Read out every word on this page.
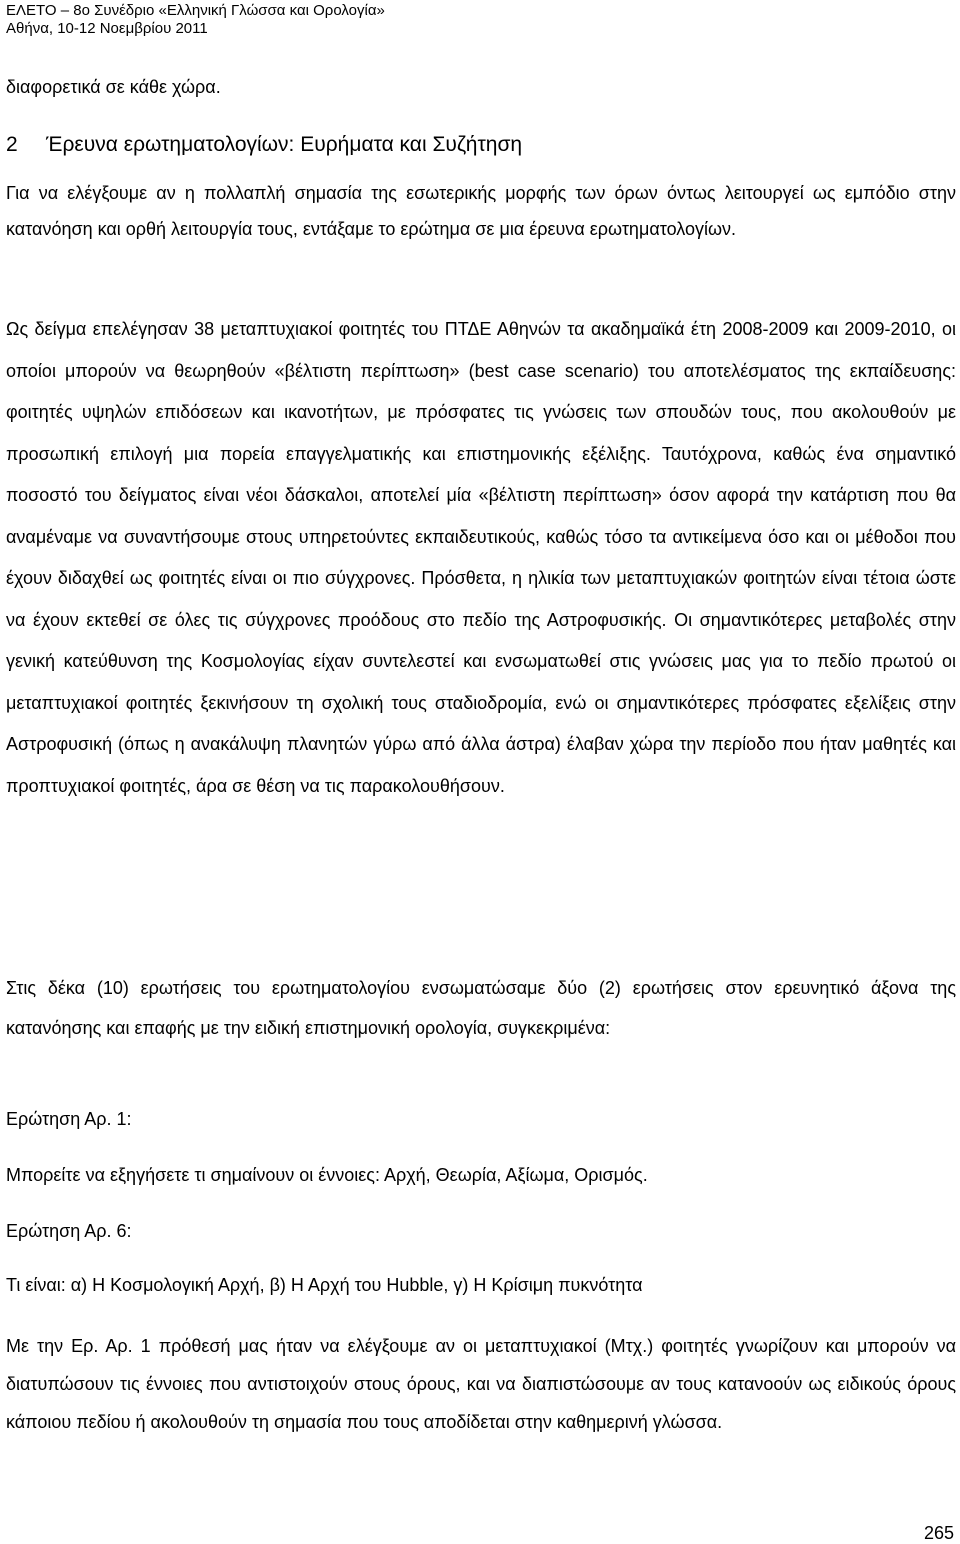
ΕΛΕΤΟ – 8ο Συνέδριο «Ελληνική Γλώσσα και Ορολογία»
Αθήνα, 10-12 Νοεμβρίου 2011
διαφορετικά σε κάθε χώρα.
2 Έρευνα ερωτηματολογίων: Ευρήματα και Συζήτηση
Για να ελέγξουμε αν η πολλαπλή σημασία της εσωτερικής μορφής των όρων όντως λειτουργεί ως εμπόδιο στην κατανόηση και ορθή λειτουργία τους, εντάξαμε το ερώτημα σε μια έρευνα ερωτηματολογίων.
Ως δείγμα επελέγησαν 38 μεταπτυχιακοί φοιτητές του ΠΤΔΕ Αθηνών τα ακαδημαϊκά έτη 2008-2009 και 2009-2010, οι οποίοι μπορούν να θεωρηθούν «βέλτιστη περίπτωση» (best case scenario) του αποτελέσματος της εκπαίδευσης: φοιτητές υψηλών επιδόσεων και ικανοτήτων, με πρόσφατες τις γνώσεις των σπουδών τους, που ακολουθούν με προσωπική επιλογή μια πορεία επαγγελματικής και επιστημονικής εξέλιξης. Ταυτόχρονα, καθώς ένα σημαντικό ποσοστό του δείγματος είναι νέοι δάσκαλοι, αποτελεί μία «βέλτιστη περίπτωση» όσον αφορά την κατάρτιση που θα αναμέναμε να συναντήσουμε στους υπηρετούντες εκπαιδευτικούς, καθώς τόσο τα αντικείμενα όσο και οι μέθοδοι που έχουν διδαχθεί ως φοιτητές είναι οι πιο σύγχρονες. Πρόσθετα, η ηλικία των μεταπτυχιακών φοιτητών είναι τέτοια ώστε να έχουν εκτεθεί σε όλες τις σύγχρονες προόδους στο πεδίο της Αστροφυσικής. Οι σημαντικότερες μεταβολές στην γενική κατεύθυνση της Κοσμολογίας είχαν συντελεστεί και ενσωματωθεί στις γνώσεις μας για το πεδίο πρωτού οι μεταπτυχιακοί φοιτητές ξεκινήσουν τη σχολική τους σταδιοδρομία, ενώ οι σημαντικότερες πρόσφατες εξελίξεις στην Αστροφυσική (όπως η ανακάλυψη πλανητών γύρω από άλλα άστρα) έλαβαν χώρα την περίοδο που ήταν μαθητές και προπτυχιακοί φοιτητές, άρα σε θέση να τις παρακολουθήσουν.
Στις δέκα (10) ερωτήσεις του ερωτηματολογίου ενσωματώσαμε δύο (2) ερωτήσεις στον ερευνητικό άξονα της κατανόησης και επαφής με την ειδική επιστημονική ορολογία, συγκεκριμένα:
Ερώτηση Αρ. 1:
Μπορείτε να εξηγήσετε τι σημαίνουν οι έννοιες: Αρχή, Θεωρία, Αξίωμα, Ορισμός.
Ερώτηση Αρ. 6:
Τι είναι: α) Η Κοσμολογική Αρχή, β) Η Αρχή του Hubble, γ) Η Κρίσιμη πυκνότητα
Με την Ερ. Αρ. 1 πρόθεσή μας ήταν να ελέγξουμε αν οι μεταπτυχιακοί (Μτχ.) φοιτητές γνωρίζουν και μπορούν να διατυπώσουν τις έννοιες που αντιστοιχούν στους όρους, και να διαπιστώσουμε αν τους κατανοούν ως ειδικούς όρους κάποιου πεδίου ή ακολουθούν τη σημασία που τους αποδίδεται στην καθημερινή γλώσσα.
265
